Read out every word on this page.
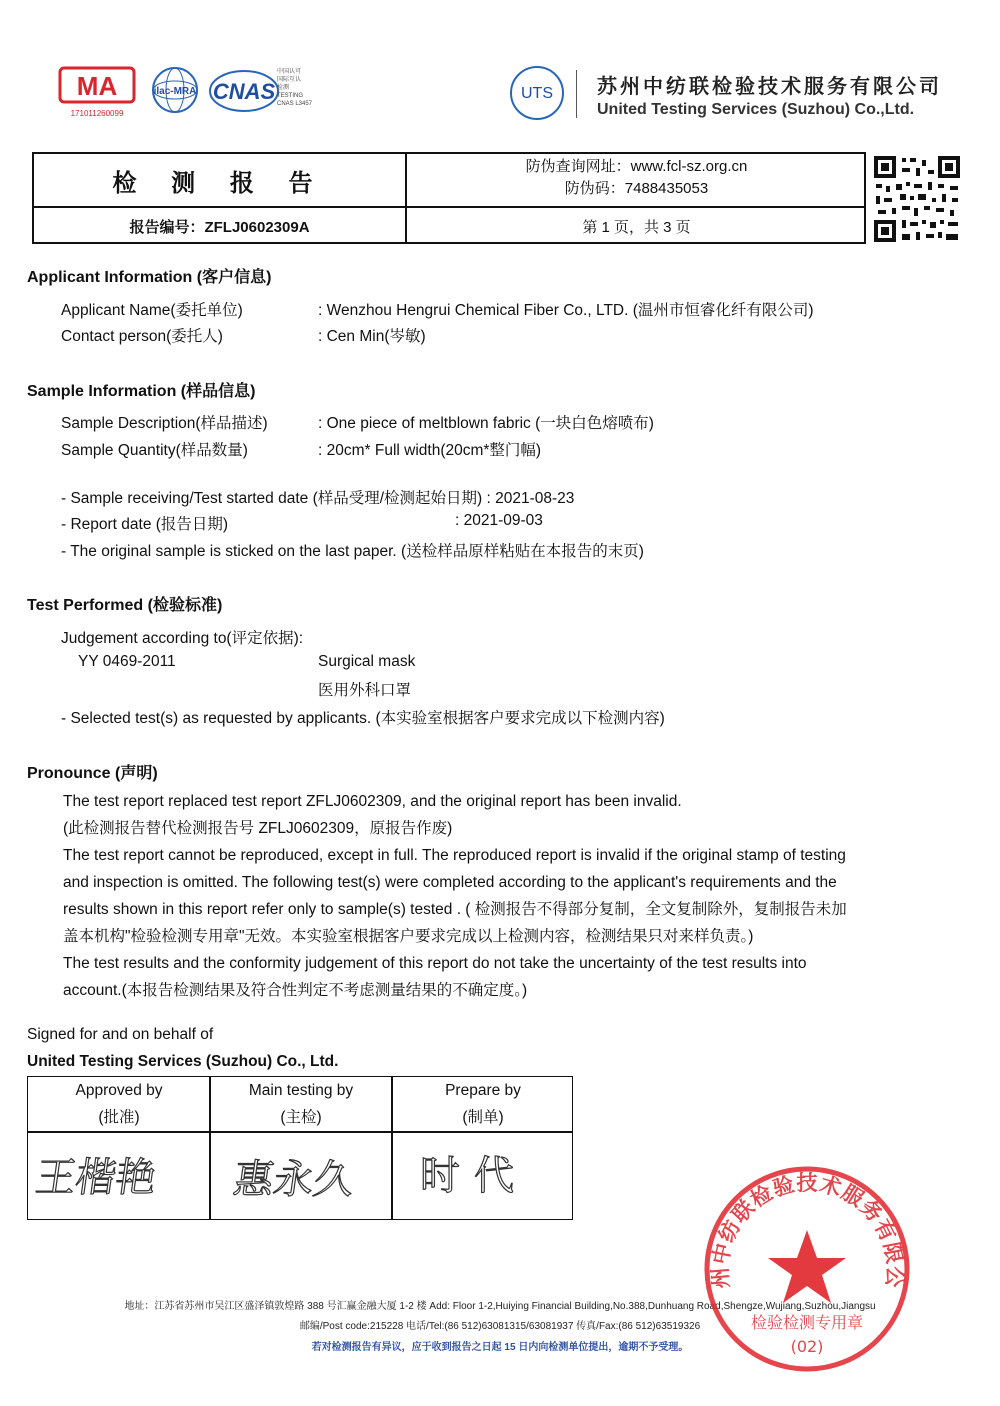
MA
171011260099
ilac-MRA CNAS
中国认可
国际互认
检测
TESTING
CNAS L3457
UTS 苏州中纺联检验技术服务有限公司
United Testing Services (Suzhou) Co.,Ltd.
检 测 报 告
报告编号：ZFLJ0602309A
防伪查询网址：www.fcl-sz.org.cn
防伪码：7488435053
第 1 页，共 3 页
Applicant Information (客户信息)
Applicant Name(委托单位)	: Wenzhou Hengrui Chemical Fiber Co., LTD. (温州市恒睿化纤有限公司)
Contact person(委托人)	: Cen Min(岑敏)
Sample Information (样品信息)
Sample Description(样品描述)	: One piece of meltblown fabric (一块白色熔喷布)
Sample Quantity(样品数量)	: 20cm* Full width(20cm*整门幅)
- Sample receiving/Test started date (样品受理/检测起始日期) : 2021-08-23
- Report date (报告日期)	: 2021-09-03
- The original sample is sticked on the last paper. (送检样品原样粘贴在本报告的末页)
Test Performed (检验标准)
Judgement according to(评定依据):
YY 0469-2011	Surgical mask
医用外科口罩
- Selected test(s) as requested by applicants. (本实验室根据客户要求完成以下检测内容)
Pronounce (声明)
The test report replaced test report ZFLJ0602309, and the original report has been invalid.
(此检测报告替代检测报告号 ZFLJ0602309，原报告作废)
The test report cannot be reproduced, except in full. The reproduced report is invalid if the original stamp of testing
and inspection is omitted. The following test(s) were completed according to the applicant's requirements and the
results shown in this report refer only to sample(s) tested . ( 检测报告不得部分复制，全文复制除外，复制报告未加
盖本机构"检验检测专用章"无效。本实验室根据客户要求完成以上检测内容，检测结果只对来样负责。)
The test results and the conformity judgement of this report do not take the uncertainty of the test results into
account.(本报告检测结果及符合性判定不考虑测量结果的不确定度。)
Signed for and on behalf of
United Testing Services (Suzhou) Co., Ltd.
Approved by
(批准)
Main testing by
(主检)
Prepare by
(制单)
王楷艳 惠永久 时代
地址：江苏省苏州市吴江区盛泽镇敦煌路 388 号汇赢金融大厦 1-2 楼 Add: Floor 1-2,Huiying Financial Building,No.388,Dunhuang Road,Shengze,Wujiang,Suzhou,Jiangsu
邮编/Post code:215228 电话/Tel:(86 512)63081315/63081937 传真/Fax:(86 512)63519326
若对检测报告有异议，应于收到报告之日起 15 日内向检测单位提出，逾期不予受理。
州中纺联检验技术服务有限公
检验检测专用章
(02)
